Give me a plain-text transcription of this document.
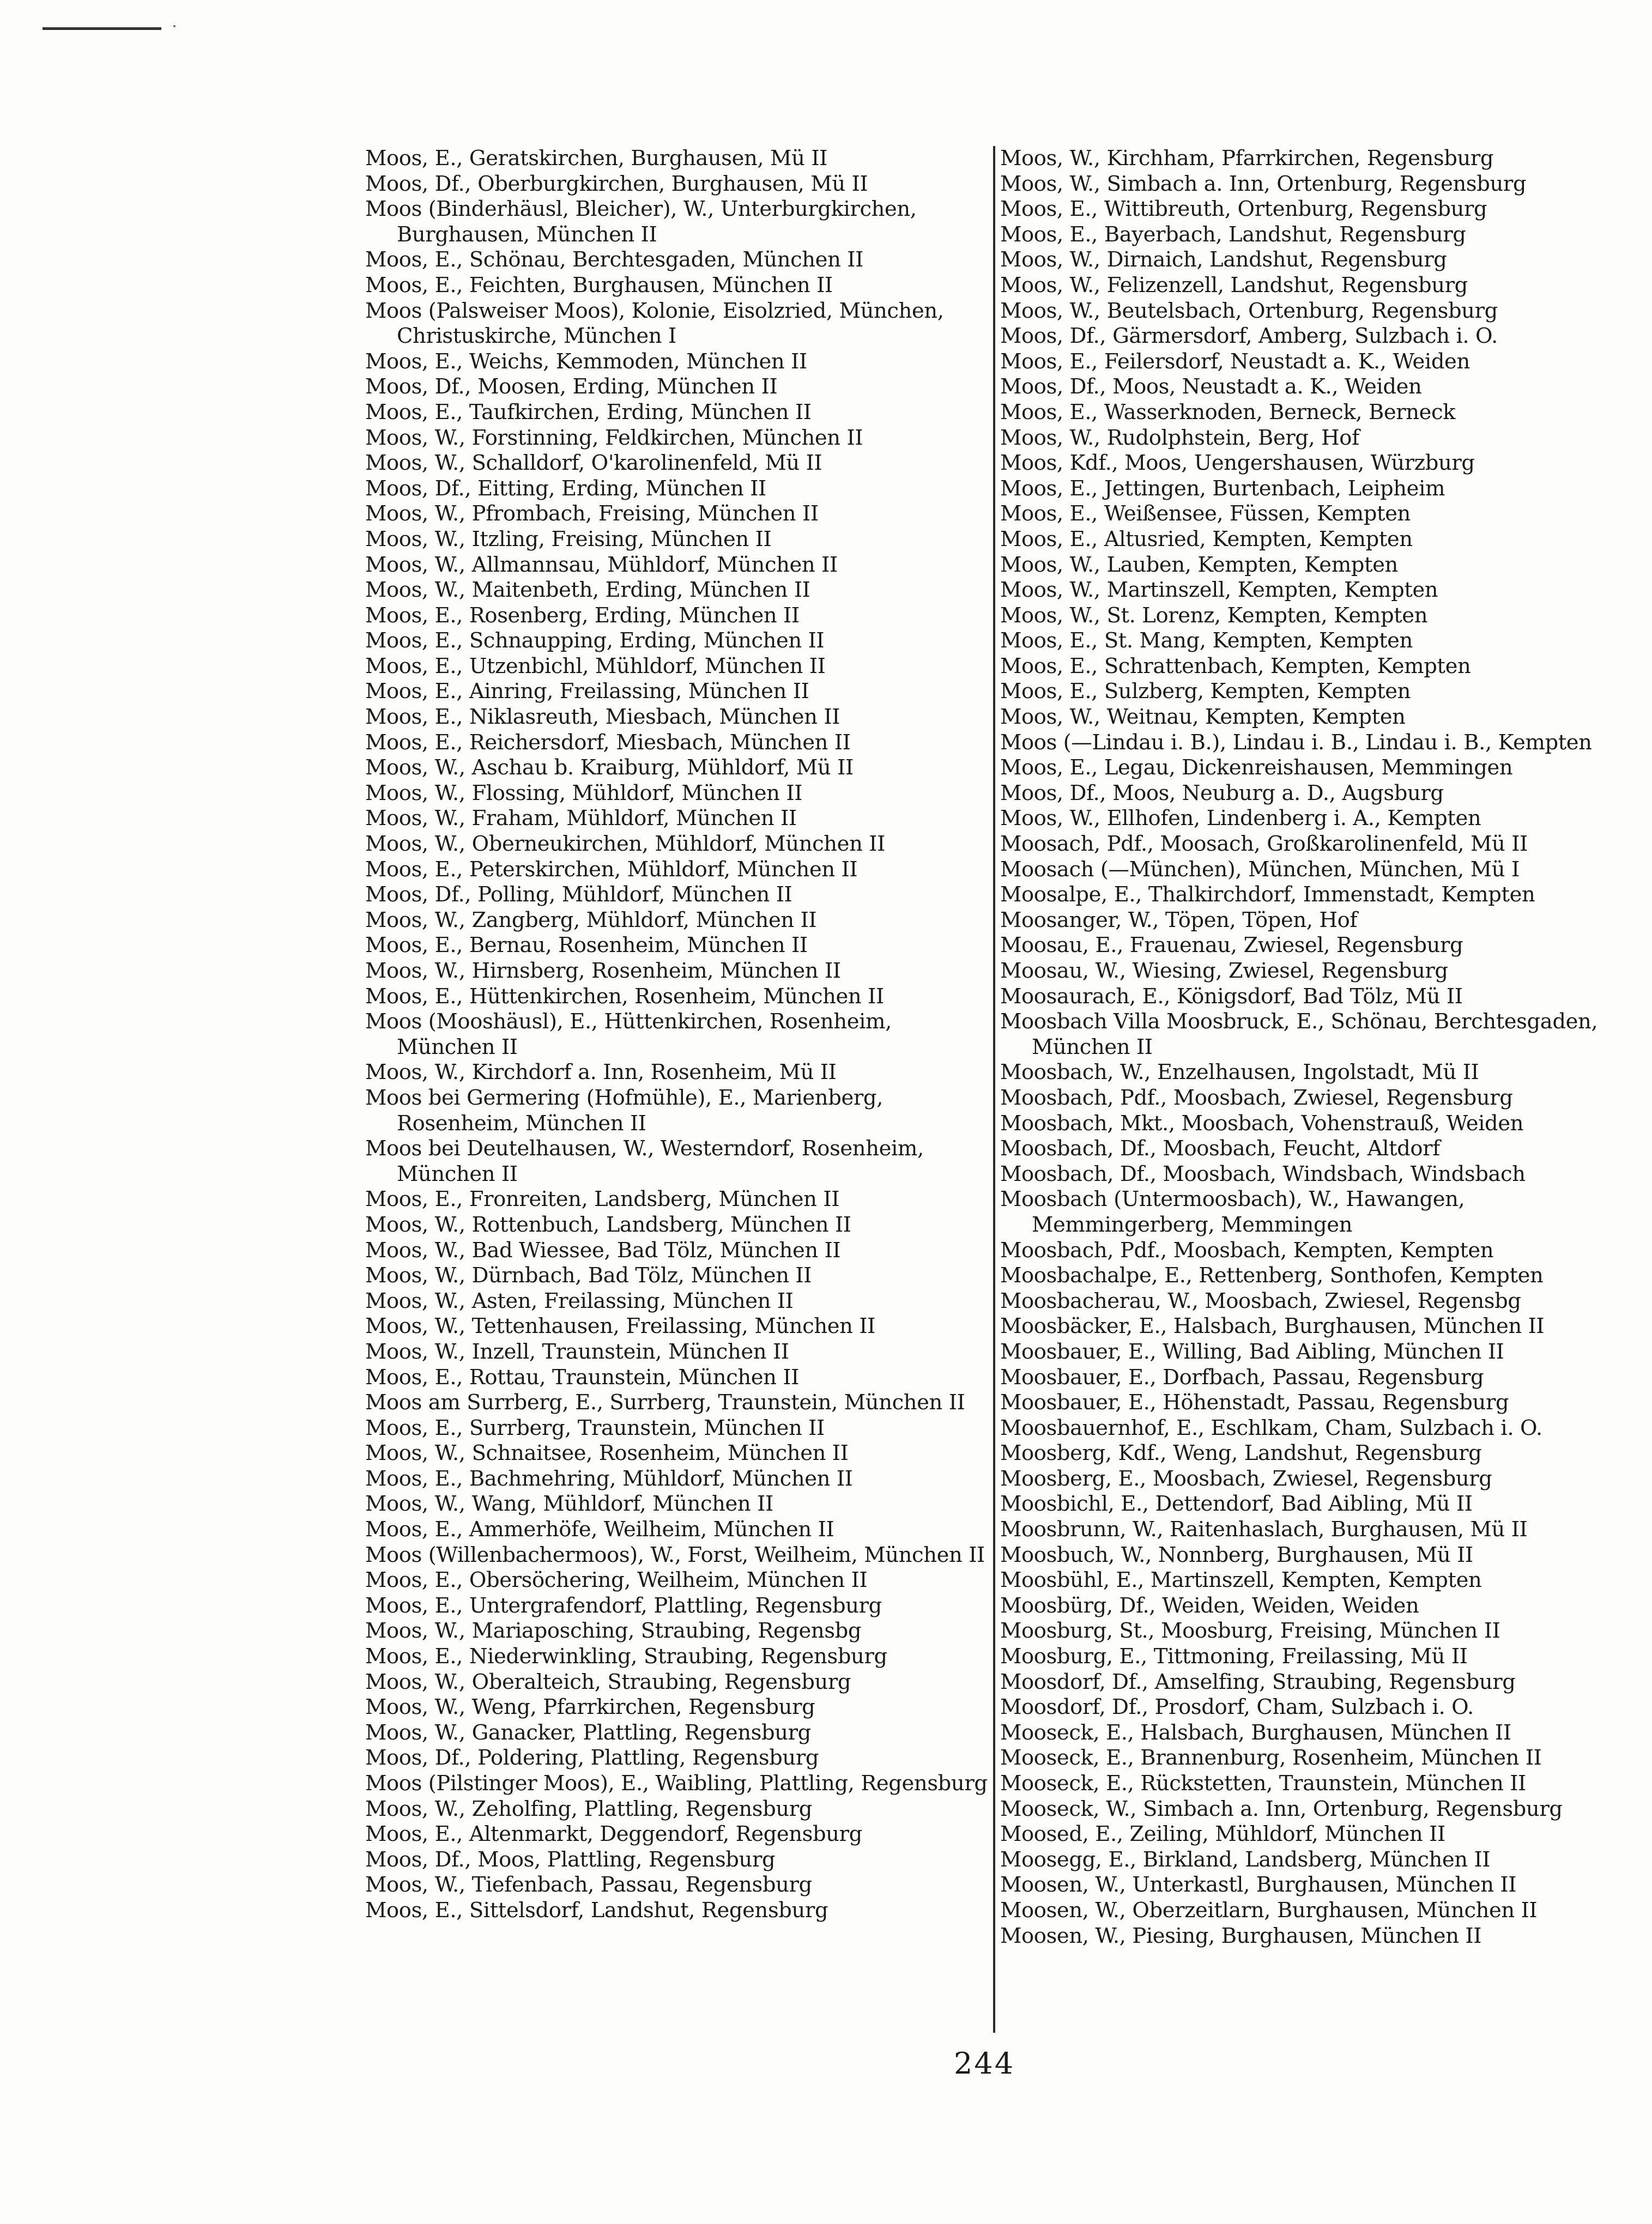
Moos, E., Geratskirchen, Burghausen, Mü II

Moos, Df., Oberburgkirchen, Burghausen, Mü II

Moos (Binderhäusl, Bleicher), W., Unterburgkirchen, Burghausen, München II

Moos, E., Schönau, Berchtesgaden, München II

Moos, E., Feichten, Burghausen, München II

Moos (Palsweiser Moos), Kolonie, Eisolzried, München, Christuskirche, München I

Moos, E., Weichs, Kemmoden, München II

Moos, Df., Moosen, Erding, München II

Moos, E., Taufkirchen, Erding, München II

Moos, W., Forstinning, Feldkirchen, München II

Moos, W., Schalldorf, O'karolinenfeld, Mü II

Moos, Df., Eitting, Erding, München II

Moos, W., Pfrombach, Freising, München II

Moos, W., Itzling, Freising, München II

Moos, W., Allmannsau, Mühldorf, München II

Moos, W., Maitenbeth, Erding, München II

Moos, E., Rosenberg, Erding, München II

Moos, E., Schnaupping, Erding, München II

Moos, E., Utzenbichl, Mühldorf, München II

Moos, E., Ainring, Freilassing, München II

Moos, E., Niklasreuth, Miesbach, München II

Moos, E., Reichersdorf, Miesbach, München II

Moos, W., Aschau b. Kraiburg, Mühldorf, Mü II

Moos, W., Flossing, Mühldorf, München II

Moos, W., Fraham, Mühldorf, München II

Moos, W., Oberneukirchen, Mühldorf, München II

Moos, E., Peterskirchen, Mühldorf, München II

Moos, Df., Polling, Mühldorf, München II

Moos, W., Zangberg, Mühldorf, München II

Moos, E., Bernau, Rosenheim, München II

Moos, W., Hirnsberg, Rosenheim, München II

Moos, E., Hüttenkirchen, Rosenheim, München II

Moos (Mooshäusl), E., Hüttenkirchen, Rosenheim, München II

Moos, W., Kirchdorf a. Inn, Rosenheim, Mü II

Moos bei Germering (Hofmühle), E., Marienberg, Rosenheim, München II

Moos bei Deutelhausen, W., Westerndorf, Rosenheim, München II

Moos, E., Fronreiten, Landsberg, München II

Moos, W., Rottenbuch, Landsberg, München II

Moos, W., Bad Wiessee, Bad Tölz, München II

Moos, W., Dürnbach, Bad Tölz, München II

Moos, W., Asten, Freilassing, München II

Moos, W., Tettenhausen, Freilassing, München II

Moos, W., Inzell, Traunstein, München II

Moos, E., Rottau, Traunstein, München II

Moos am Surrberg, E., Surrberg, Traunstein, München II

Moos, E., Surrberg, Traunstein, München II

Moos, W., Schnaitsee, Rosenheim, München II

Moos, E., Bachmehring, Mühldorf, München II

Moos, W., Wang, Mühldorf, München II

Moos, E., Ammerhöfe, Weilheim, München II

Moos (Willenbachermoos), W., Forst, Weilheim, München II

Moos, E., Obersöchering, Weilheim, München II

Moos, E., Untergrafendorf, Plattling, Regensburg

Moos, W., Mariaposching, Straubing, Regensbg

Moos, E., Niederwinkling, Straubing, Regensburg

Moos, W., Oberalteich, Straubing, Regensburg

Moos, W., Weng, Pfarrkirchen, Regensburg

Moos, W., Ganacker, Plattling, Regensburg

Moos, Df., Poldering, Plattling, Regensburg

Moos (Pilstinger Moos), E., Waibling, Plattling, Regensburg

Moos, W., Zeholfing, Plattling, Regensburg

Moos, E., Altenmarkt, Deggendorf, Regensburg

Moos, Df., Moos, Plattling, Regensburg

Moos, W., Tiefenbach, Passau, Regensburg

Moos, E., Sittelsdorf, Landshut, Regensburg

Moos, W., Kirchham, Pfarrkirchen, Regensburg

Moos, W., Simbach a. Inn, Ortenburg, Regensburg

Moos, E., Wittibreuth, Ortenburg, Regensburg

Moos, E., Bayerbach, Landshut, Regensburg

Moos, W., Dirnaich, Landshut, Regensburg

Moos, W., Felizenzell, Landshut, Regensburg

Moos, W., Beutelsbach, Ortenburg, Regensburg

Moos, Df., Gärmersdorf, Amberg, Sulzbach i. O.

Moos, E., Feilersdorf, Neustadt a. K., Weiden

Moos, Df., Moos, Neustadt a. K., Weiden

Moos, E., Wasserknoden, Berneck, Berneck

Moos, W., Rudolphstein, Berg, Hof

Moos, Kdf., Moos, Uengershausen, Würzburg

Moos, E., Jettingen, Burtenbach, Leipheim

Moos, E., Weißensee, Füssen, Kempten

Moos, E., Altusried, Kempten, Kempten

Moos, W., Lauben, Kempten, Kempten

Moos, W., Martinszell, Kempten, Kempten

Moos, W., St. Lorenz, Kempten, Kempten

Moos, E., St. Mang, Kempten, Kempten

Moos, E., Schrattenbach, Kempten, Kempten

Moos, E., Sulzberg, Kempten, Kempten

Moos, W., Weitnau, Kempten, Kempten

Moos (—Lindau i. B.), Lindau i. B., Lindau i. B., Kempten

Moos, E., Legau, Dickenreishausen, Memmingen

Moos, Df., Moos, Neuburg a. D., Augsburg

Moos, W., Ellhofen, Lindenberg i. A., Kempten

Moosach, Pdf., Moosach, Großkarolinenfeld, Mü II

Moosach (—München), München, München, Mü I

Moosalpe, E., Thalkirchdorf, Immenstadt, Kempten

Moosanger, W., Töpen, Töpen, Hof

Moosau, E., Frauenau, Zwiesel, Regensburg

Moosau, W., Wiesing, Zwiesel, Regensburg

Moosaurach, E., Königsdorf, Bad Tölz, Mü II

Moosbach Villa Moosbruck, E., Schönau, Berchtesgaden, München II

Moosbach, W., Enzelhausen, Ingolstadt, Mü II

Moosbach, Pdf., Moosbach, Zwiesel, Regensburg

Moosbach, Mkt., Moosbach, Vohenstrauß, Weiden

Moosbach, Df., Moosbach, Feucht, Altdorf

Moosbach, Df., Moosbach, Windsbach, Windsbach

Moosbach (Untermoosbach), W., Hawangen, Memmingerberg, Memmingen

Moosbach, Pdf., Moosbach, Kempten, Kempten

Moosbachalpe, E., Rettenberg, Sonthofen, Kempten

Moosbacherau, W., Moosbach, Zwiesel, Regensbg

Moosbäcker, E., Halsbach, Burghausen, München II

Moosbauer, E., Willing, Bad Aibling, München II

Moosbauer, E., Dorfbach, Passau, Regensburg

Moosbauer, E., Höhenstadt, Passau, Regensburg

Moosbauernhof, E., Eschlkam, Cham, Sulzbach i. O.

Moosberg, Kdf., Weng, Landshut, Regensburg

Moosberg, E., Moosbach, Zwiesel, Regensburg

Moosbichl, E., Dettendorf, Bad Aibling, Mü II

Moosbrunn, W., Raitenhaslach, Burghausen, Mü II

Moosbuch, W., Nonnberg, Burghausen, Mü II

Moosbühl, E., Martinszell, Kempten, Kempten

Moosbürg, Df., Weiden, Weiden, Weiden

Moosburg, St., Moosburg, Freising, München II

Moosburg, E., Tittmoning, Freilassing, Mü II

Moosdorf, Df., Amselfing, Straubing, Regensburg

Moosdorf, Df., Prosdorf, Cham, Sulzbach i. O.

Mooseck, E., Halsbach, Burghausen, München II

Mooseck, E., Brannenburg, Rosenheim, München II

Mooseck, E., Rückstetten, Traunstein, München II

Mooseck, W., Simbach a. Inn, Ortenburg, Regensburg

Moosed, E., Zeiling, Mühldorf, München II

Moosegg, E., Birkland, Landsberg, München II

Moosen, W., Unterkastl, Burghausen, München II

Moosen, W., Oberzeitlarn, Burghausen, München II

Moosen, W., Piesing, Burghausen, München II

244
